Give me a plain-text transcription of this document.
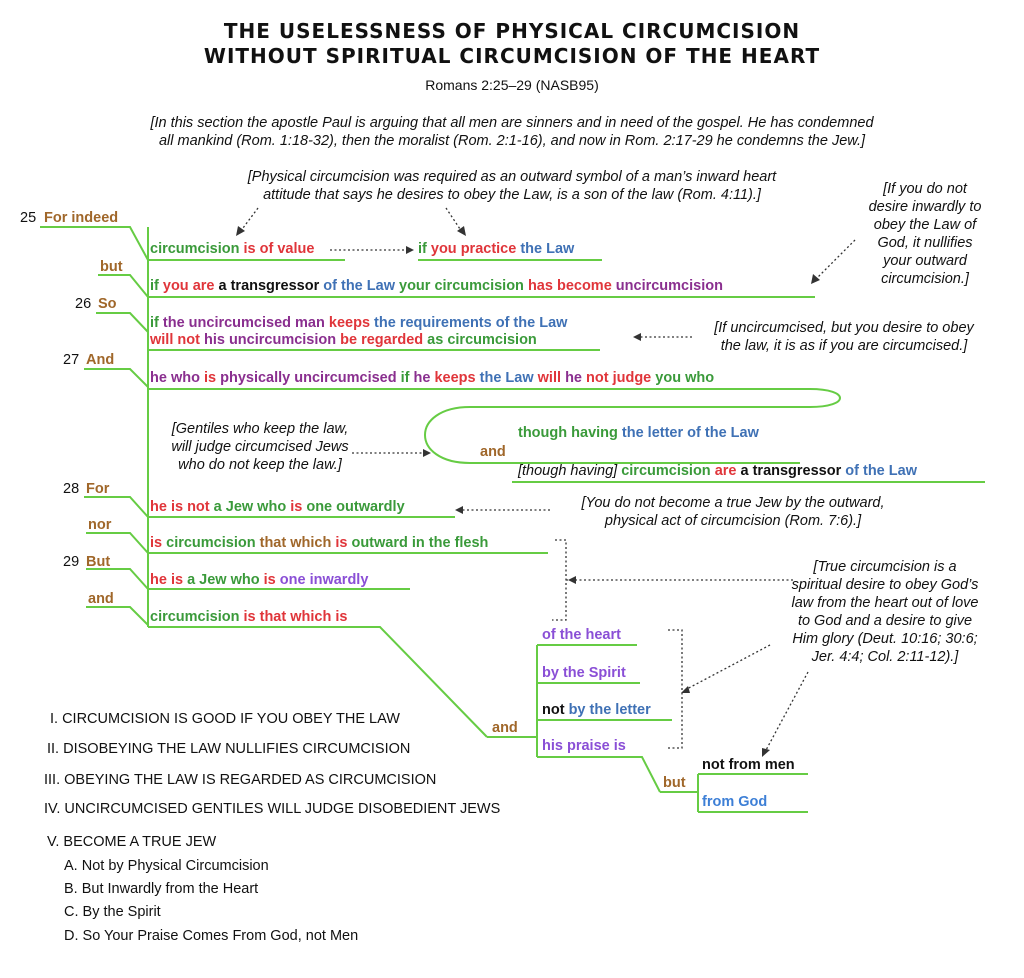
THE USELESSNESS OF PHYSICAL CIRCUMCISION
WITHOUT SPIRITUAL CIRCUMCISION OF THE HEART
Romans 2:25–29 (NASB95)
[In this section the apostle Paul is arguing that all men are sinners and in need of the gospel. He has condemned
all mankind (Rom. 1:18-32), then the moralist (Rom. 2:1-16), and now in Rom. 2:17-29 he condemns the Jew.]
[Physical circumcision was required as an outward symbol of a man’s inward heart
attitude that says he desires to obey the Law, is a son of the law (Rom. 4:11).]	[If you do not
desire inwardly to
obey the Law of
God, it nullifies
your outward
circumcision.]
[If uncircumcised, but you desire to obey
the law, it is as if you are circumcised.]
[Gentiles who keep the law,
will judge circumcised Jews
who do not keep the law.]
[You do not become a true Jew by the outward,
physical act of circumcision (Rom. 7:6).]
[True circumcision is a
spiritual desire to obey God’s
law from the heart out of love
to God and a desire to give
Him glory (Deut. 10:16; 30:6;
Jer. 4:4; Col. 2:11-12).]
25 For indeed
but
26 So
27 And
and
28 For
nor
29 But
and
and
but
circumcision is of value	if you practice the Law
if you are a transgressor of the Law your circumcision has become uncircumcision
if the uncircumcised man keeps the requirements of the Law
will not his uncircumcision be regarded as circumcision
he who is physically uncircumcised if he keeps the Law will he not judge you who
though having the letter of the Law
[though having] circumcision are a transgressor of the Law
he is not a Jew who is one outwardly
is circumcision that which is outward in the flesh
he is a Jew who is one inwardly
circumcision is that which is
of the heart
by the Spirit
not by the letter
his praise is
not from men
from God
I. CIRCUMCISION IS GOOD IF YOU OBEY THE LAW
II. DISOBEYING THE LAW NULLIFIES CIRCUMCISION
III. OBEYING THE LAW IS REGARDED AS CIRCUMCISION
IV. UNCIRCUMCISED GENTILES WILL JUDGE DISOBEDIENT JEWS
V. BECOME A TRUE JEW
A. Not by Physical Circumcision
B. But Inwardly from the Heart
C. By the Spirit
D. So Your Praise Comes From God, not Men
